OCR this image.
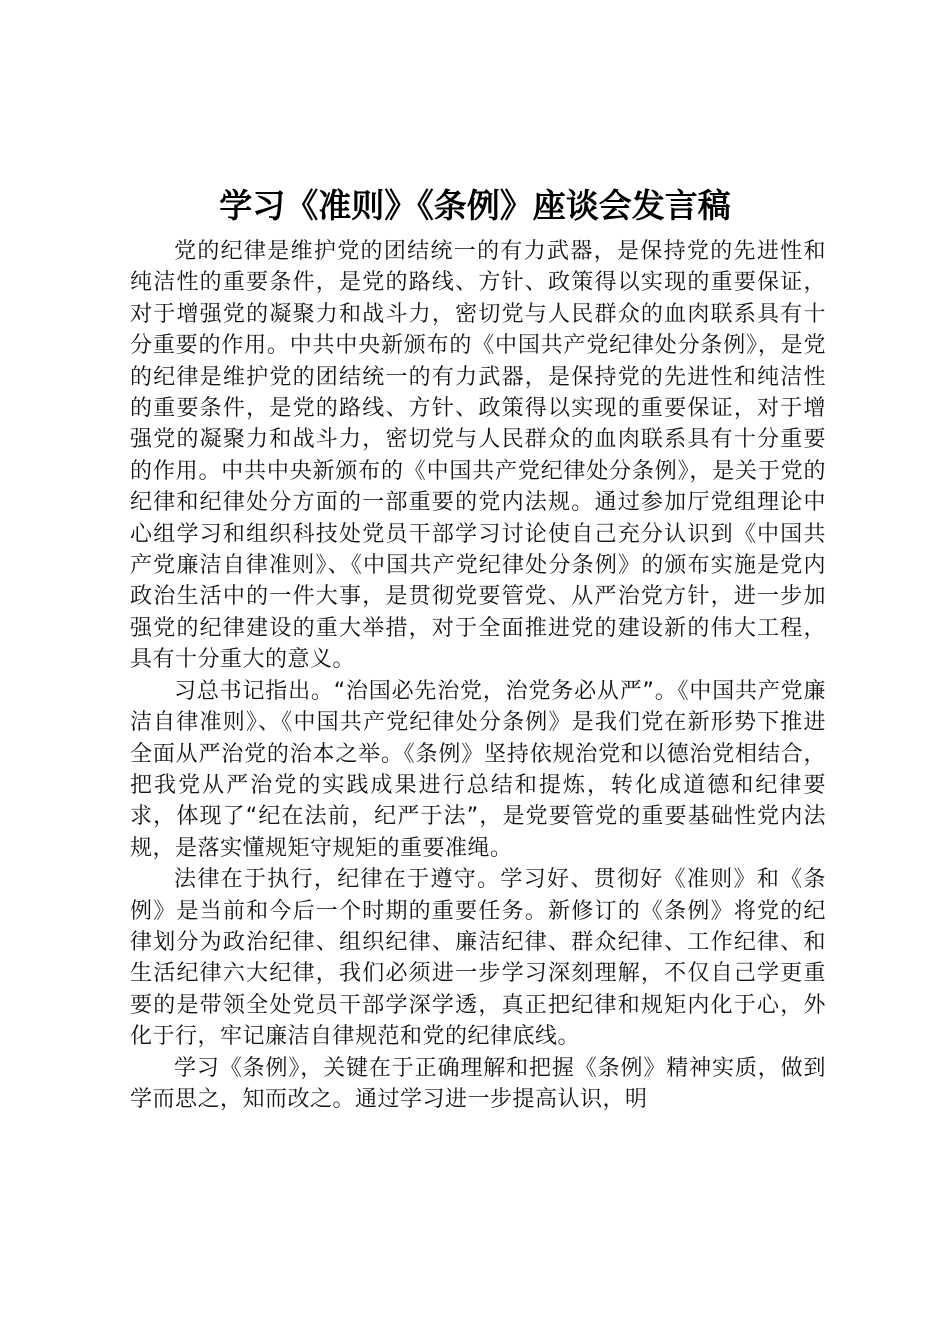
学习《准则》《条例》座谈会发言稿

党的纪律是维护党的团结统一的有力武器，是保持党的先进性和纯洁性的重要条件，是党的路线、方针、政策得以实现的重要保证，对于增强党的凝聚力和战斗力，密切党与人民群众的血肉联系具有十分重要的作用。中共中央新颁布的《中国共产党纪律处分条例》，是党的纪律是维护党的团结统一的有力武器，是保持党的先进性和纯洁性的重要条件，是党的路线、方针、政策得以实现的重要保证，对于增强党的凝聚力和战斗力，密切党与人民群众的血肉联系具有十分重要的作用。中共中央新颁布的《中国共产党纪律处分条例》，是关于党的纪律和纪律处分方面的一部重要的党内法规。通过参加厅党组理论中心组学习和组织科技处党员干部学习讨论使自己充分认识到《中国共产党廉洁自律准则》、《中国共产党纪律处分条例》的颁布实施是党内政治生活中的一件大事，是贯彻党要管党、从严治党方针，进一步加强党的纪律建设的重大举措，对于全面推进党的建设新的伟大工程，具有十分重大的意义。

习总书记指出。“治国必先治党，治党务必从严”。《中国共产党廉洁自律准则》、《中国共产党纪律处分条例》是我们党在新形势下推进全面从严治党的治本之举。《条例》坚持依规治党和以德治党相结合，把我党从严治党的实践成果进行总结和提炼，转化成道德和纪律要求，体现了“纪在法前，纪严于法”，是党要管党的重要基础性党内法规，是落实懂规矩守规矩的重要准绳。

法律在于执行，纪律在于遵守。学习好、贯彻好《准则》和《条例》是当前和今后一个时期的重要任务。新修订的《条例》将党的纪律划分为政治纪律、组织纪律、廉洁纪律、群众纪律、工作纪律、和生活纪律六大纪律，我们必须进一步学习深刻理解，不仅自己学更重要的是带领全处党员干部学深学透，真正把纪律和规矩内化于心，外化于行，牢记廉洁自律规范和党的纪律底线。

学习《条例》，关键在于正确理解和把握《条例》精神实质，做到学而思之，知而改之。通过学习进一步提高认识，明
